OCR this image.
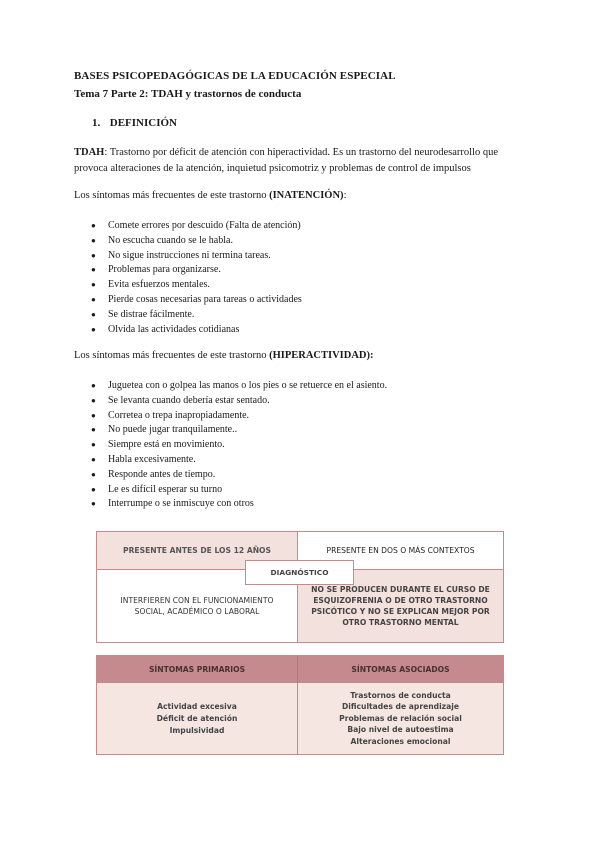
BASES PSICOPEDAGÓGICAS DE LA EDUCACIÓN ESPECIAL
Tema 7 Parte 2: TDAH y trastornos de conducta
1. DEFINICIÓN
TDAH: Trastorno por déficit de atención con hiperactividad. Es un trastorno del neurodesarrollo que provoca alteraciones de la atención, inquietud psicomotriz y problemas de control de impulsos
Los síntomas más frecuentes de este trastorno (INATENCIÓN):
● Comete errores por descuido (Falta de atención)
● No escucha cuando se le habla.
● No sigue instrucciones ni termina tareas.
● Problemas para organizarse.
● Evita esfuerzos mentales.
● Pierde cosas necesarias para tareas o actividades
● Se distrae fácilmente.
● Olvida las actividades cotidianas
Los síntomas más frecuentes de este trastorno (HIPERACTIVIDAD):
● Juguetea con o golpea las manos o los pies o se retuerce en el asiento.
● Se levanta cuando debería estar sentado.
● Corretea o trepa inapropiadamente.
● No puede jugar tranquilamente..
● Siempre está en movimiento.
● Habla excesivamente.
● Responde antes de tiempo.
● Le es difícil esperar su turno
● Interrumpe o se inmiscuye con otros
PRESENTE ANTES DE LOS 12 AÑOS	PRESENTE EN DOS O MÁS CONTEXTOS
INTERFIEREN CON EL FUNCIONAMIENTO SOCIAL, ACADÉMICO O LABORAL
NO SE PRODUCEN DURANTE EL CURSO DE ESQUIZOFRENIA O DE OTRO TRASTORNO PSICÓTICO Y NO SE EXPLICAN MEJOR POR OTRO TRASTORNO MENTAL
DIAGNÓSTICO
SÍNTOMAS PRIMARIOS	SÍNTOMAS ASOCIADOS
Actividad excesiva
Déficit de atención
Impulsividad
Trastornos de conducta
Dificultades de aprendizaje
Problemas de relación social
Bajo nivel de autoestima
Alteraciones emocional
